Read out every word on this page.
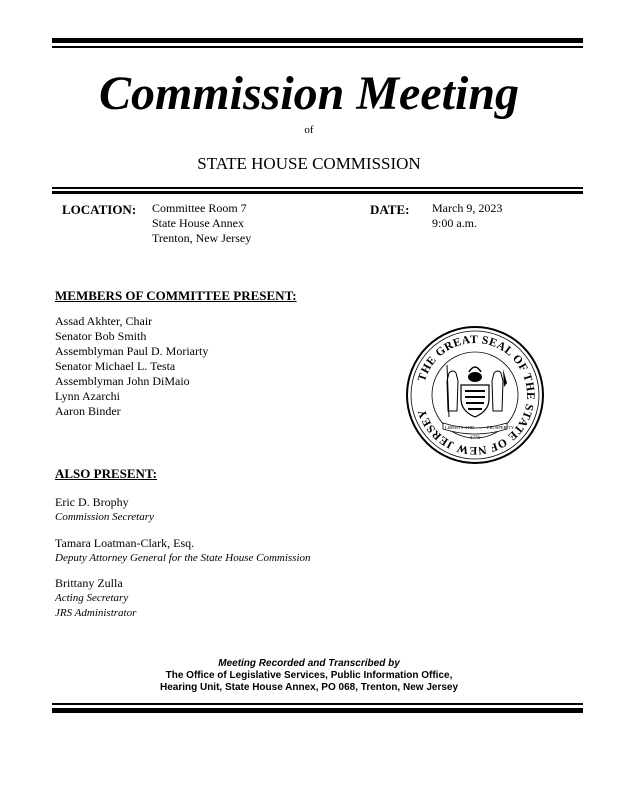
Commission Meeting
of
STATE HOUSE COMMISSION
LOCATION: Committee Room 7
State House Annex
Trenton, New Jersey
DATE: March 9, 2023
9:00 a.m.
MEMBERS OF COMMITTEE PRESENT:
Assad Akhter, Chair
Senator Bob Smith
Assemblyman Paul D. Moriarty
Senator Michael L. Testa
Assemblyman John DiMaio
Lynn Azarchi
Aaron Binder
THE GREAT SEAL OF THE STATE OF NEW JERSEY
LIBERTY AND	PROSPERITY
1776
ALSO PRESENT:
Eric D. Brophy
Commission Secretary
Tamara Loatman-Clark, Esq.
Deputy Attorney General for the State House Commission
Brittany Zulla
Acting Secretary
JRS Administrator
Meeting Recorded and Transcribed by
The Office of Legislative Services, Public Information Office,
Hearing Unit, State House Annex, PO 068, Trenton, New Jersey
